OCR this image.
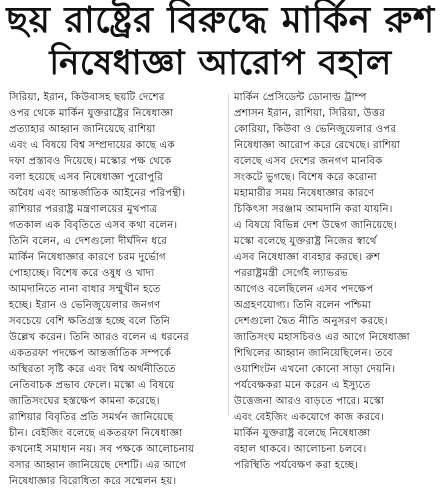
ছয় রাষ্ট্রের বিরুদ্ধে মার্কিন রুশ
নিষেধাজ্ঞা আরোপ বহাল
সিরিয়া, ইরান, কিউবাসহ ছয়টি দেশের
ওপর থেকে মার্কিন যুক্তরাষ্ট্রের নিষেধাজ্ঞা
প্রত্যাহার আহ্বান জানিয়েছে রাশিয়া
এবং এ বিষয়ে বিশ্ব সম্প্রদায়ের কাছে এক
দফা প্রস্তাবও দিয়েছে। মস্কোর পক্ষ থেকে
বলা হয়েছে এসব নিষেধাজ্ঞা পুরোপুরি
অবৈধ এবং আন্তর্জাতিক আইনের পরিপন্থী।
রাশিয়ার পররাষ্ট্র মন্ত্রণালয়ের মুখপাত্র
গতকাল এক বিবৃতিতে এসব কথা বলেন।
তিনি বলেন, এ দেশগুলো দীর্ঘদিন ধরে
মার্কিন নিষেধাজ্ঞার কারণে চরম দুর্ভোগ
পোহাচ্ছে। বিশেষ করে ওষুধ ও খাদ্য
আমদানিতে নানা বাধার সম্মুখীন হতে
হচ্ছে। ইরান ও ভেনিজুয়েলার জনগণ
সবচেয়ে বেশি ক্ষতিগ্রস্ত হচ্ছে বলে তিনি
উল্লেখ করেন। তিনি আরও বলেন এ ধরনের
একতরফা পদক্ষেপ আন্তর্জাতিক সম্পর্কে
অস্থিরতা সৃষ্টি করে এবং বিশ্ব অর্থনীতিতে
নেতিবাচক প্রভাব ফেলে। মস্কো এ বিষয়ে
জাতিসংঘের হস্তক্ষেপ কামনা করেছে।
রাশিয়ার বিবৃতির প্রতি সমর্থন জানিয়েছে
চীন। বেইজিং বলেছে একতরফা নিষেধাজ্ঞা
কখনোই সমাধান নয়। সব পক্ষকে আলোচনায়
বসার আহ্বান জানিয়েছে দেশটি। এর আগে
নিষেধাজ্ঞার বিরোধিতা করে সম্মেলন হয়।
মার্কিন প্রেসিডেন্ট ডোনাল্ড ট্রাম্প
প্রশাসন ইরান, রাশিয়া, সিরিয়া, উত্তর
কোরিয়া, কিউবা ও ভেনিজুয়েলার ওপর
নিষেধাজ্ঞা আরোপ করে রেখেছে। রাশিয়া
বলেছে এসব দেশের জনগণ মানবিক
সংকটে ভুগছে। বিশেষ করে করোনা
মহামারীর সময় নিষেধাজ্ঞার কারণে
চিকিৎসা সরঞ্জাম আমদানি করা যায়নি।
এ বিষয়ে বিভিন্ন দেশ উদ্বেগ জানিয়েছে।
মস্কো বলেছে যুক্তরাষ্ট্র নিজের স্বার্থে
এসব নিষেধাজ্ঞা ব্যবহার করছে। রুশ
পররাষ্ট্রমন্ত্রী সের্গেই ল্যাভরভ
আগেও বলেছিলেন এসব পদক্ষেপ
অগ্রহণযোগ্য। তিনি বলেন পশ্চিমা
দেশগুলো দ্বৈত নীতি অনুসরণ করছে।
জাতিসংঘ মহাসচিবও এর আগে নিষেধাজ্ঞা
শিথিলের আহ্বান জানিয়েছিলেন। তবে
ওয়াশিংটন এখনো কোনো সাড়া দেয়নি।
পর্যবেক্ষকরা মনে করেন এ ইস্যুতে
উত্তেজনা আরও বাড়তে পারে। মস্কো
এবং বেইজিং একযোগে কাজ করবে।
মার্কিন যুক্তরাষ্ট্র বলেছে নিষেধাজ্ঞা
বহাল থাকবে। আলোচনা চলবে।
পরিস্থিতি পর্যবেক্ষণ করা হচ্ছে।
